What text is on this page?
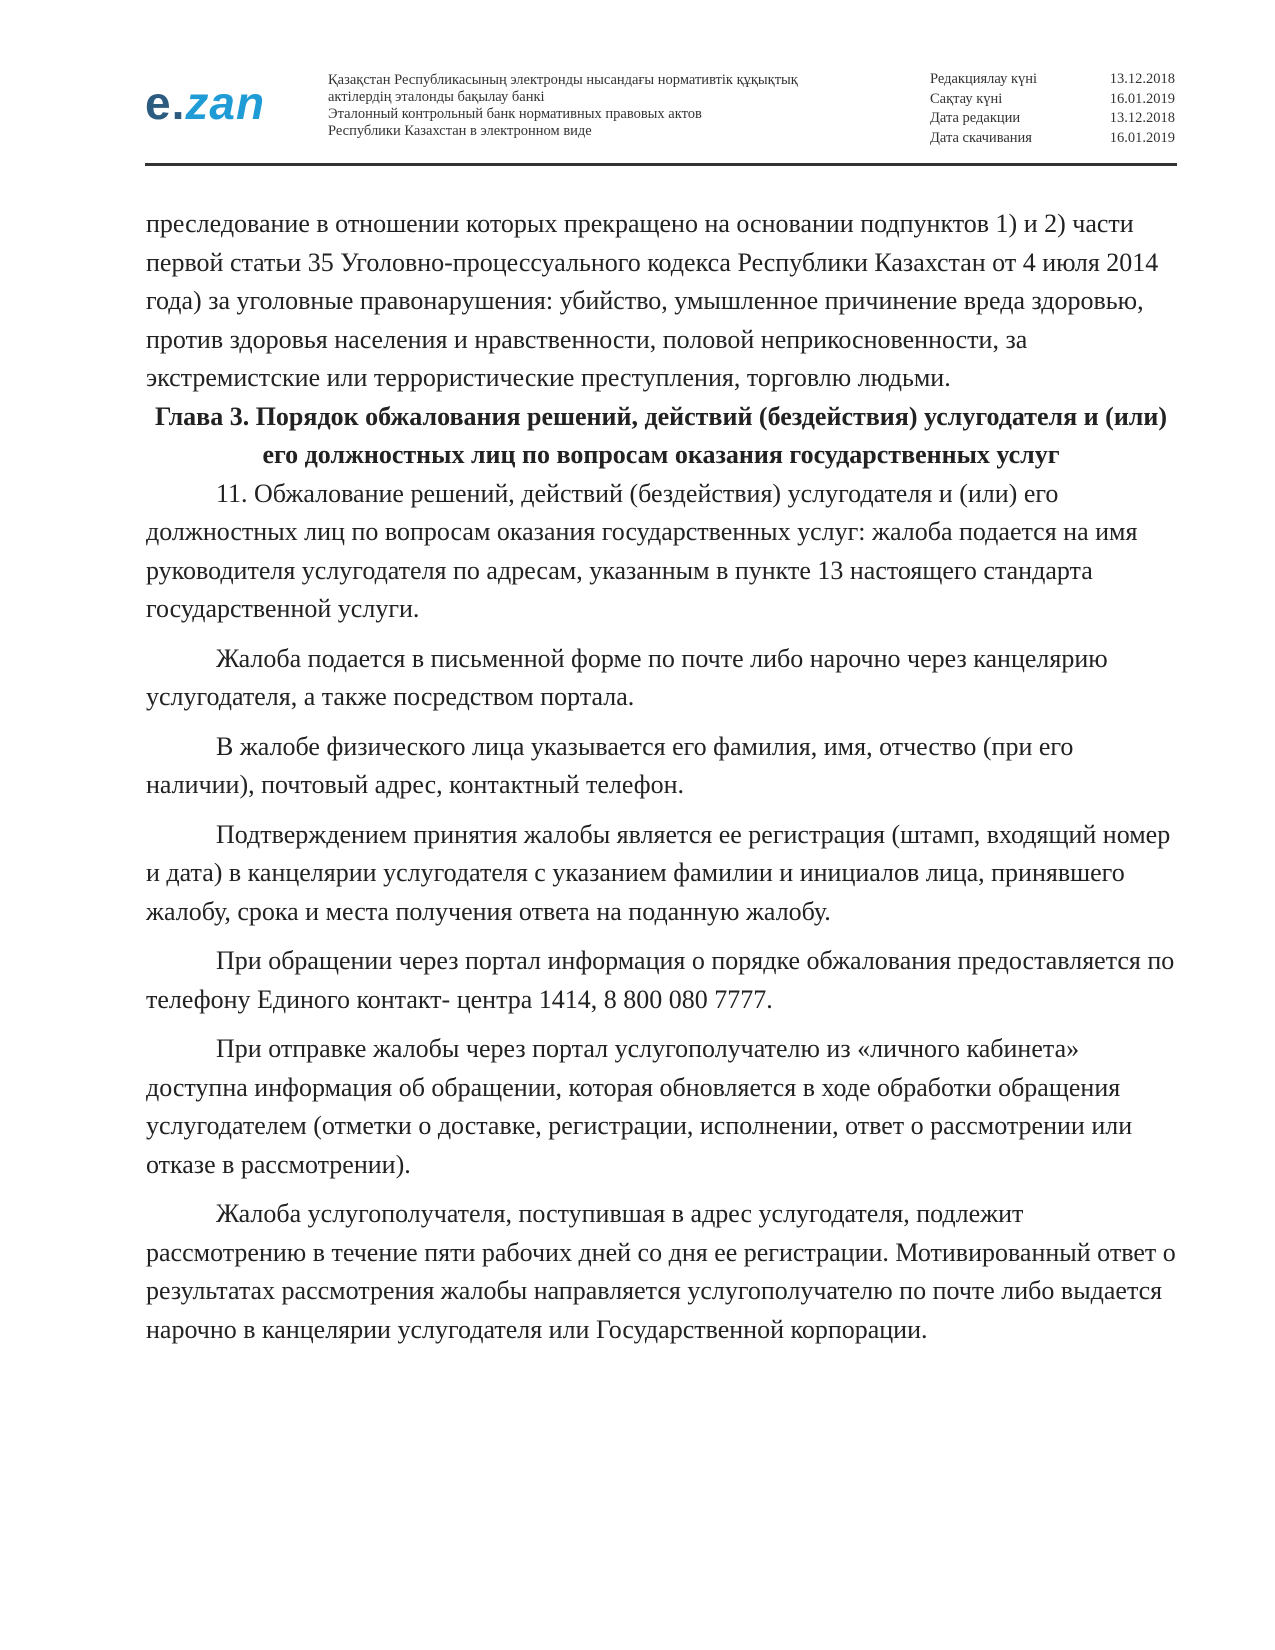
e.zan	Қазақстан Республикасының электронды нысандағы нормативтік құқықтық
актілердің эталонды бақылау банкі
Эталонный контрольный банк нормативных правовых актов
Республики Казахстан в электронном виде
Редакциялау күні	13.12.2018
Сақтау күні	16.01.2019
Дата редакции	13.12.2018
Дата скачивания	16.01.2019

преследование в отношении которых прекращено на основании подпунктов 1) и 2) части первой статьи 35 Уголовно-процессуального кодекса Республики Казахстан от 4 июля 2014 года) за уголовные правонарушения: убийство, умышленное причинение вреда здоровью, против здоровья населения и нравственности, половой неприкосновенности, за экстремистские или террористические преступления, торговлю людьми.

Глава 3. Порядок обжалования решений, действий (бездействия) услугодателя и (или) его должностных лиц по вопросам оказания государственных услуг

11. Обжалование решений, действий (бездействия) услугодателя и (или) его должностных лиц по вопросам оказания государственных услуг: жалоба подается на имя руководителя услугодателя по адресам, указанным в пункте 13 настоящего стандарта государственной услуги.

Жалоба подается в письменной форме по почте либо нарочно через канцелярию услугодателя, а также посредством портала.

В жалобе физического лица указывается его фамилия, имя, отчество (при его наличии), почтовый адрес, контактный телефон.

Подтверждением принятия жалобы является ее регистрация (штамп, входящий номер и дата) в канцелярии услугодателя с указанием фамилии и инициалов лица, принявшего жалобу, срока и места получения ответа на поданную жалобу.

При обращении через портал информация о порядке обжалования предоставляется по телефону Единого контакт- центра 1414, 8 800 080 7777.

При отправке жалобы через портал услугополучателю из «личного кабинета» доступна информация об обращении, которая обновляется в ходе обработки обращения услугодателем (отметки о доставке, регистрации, исполнении, ответ о рассмотрении или отказе в рассмотрении).

Жалоба услугополучателя, поступившая в адрес услугодателя, подлежит рассмотрению в течение пяти рабочих дней со дня ее регистрации. Мотивированный ответ о результатах рассмотрения жалобы направляется услугополучателю по почте либо выдается нарочно в канцелярии услугодателя или Государственной корпорации.
